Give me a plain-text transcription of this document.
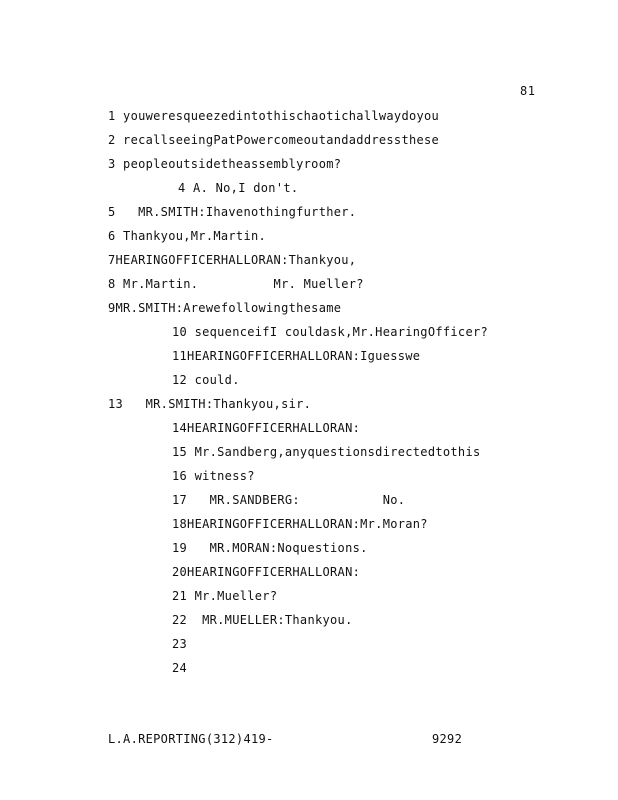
81
1 youweresqueezedintothischaotichallwaydoyou
2 recallseeingPatPowercomeoutandaddressthese
3 peopleoutsidetheassemblyroom?
4 A. No,I don't.
5   MR.SMITH:Ihavenothingfurther.
6 Thankyou,Mr.Martin.
7HEARINGOFFICERHALLORAN:Thankyou,
8 Mr.Martin.          Mr. Mueller?
9MR.SMITH:Arewefollowingthesame
10 sequenceifI couldask,Mr.HearingOfficer?
11HEARINGOFFICERHALLORAN:Iguesswe
12 could.
13   MR.SMITH:Thankyou,sir.
14HEARINGOFFICERHALLORAN:
15 Mr.Sandberg,anyquestionsdirectedtothis
16 witness?
17   MR.SANDBERG:           No.
18HEARINGOFFICERHALLORAN:Mr.Moran?
19   MR.MORAN:Noquestions.
20HEARINGOFFICERHALLORAN:
21 Mr.Mueller?
22  MR.MUELLER:Thankyou.
23
24
L.A.REPORTING(312)419-	9292
